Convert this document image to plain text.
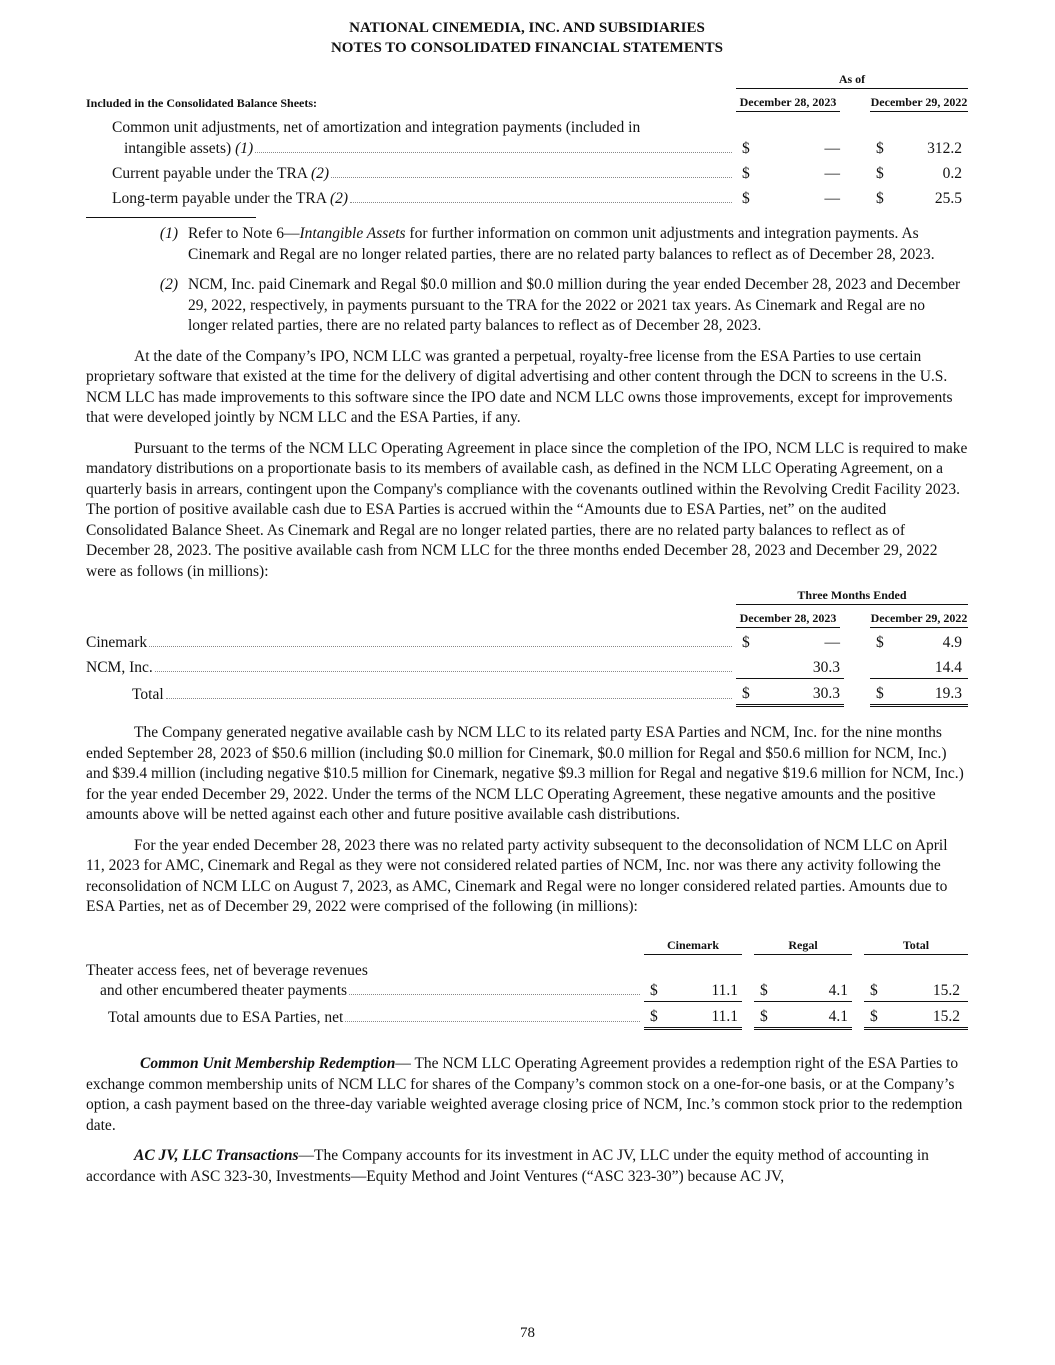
NATIONAL CINEMEDIA, INC. AND SUBSIDIARIES
NOTES TO CONSOLIDATED FINANCIAL STATEMENTS

	As of				

Included in the Consolidated Balance Sheets:	December 28, 2023			December 29, 2022	

Common unit adjustments, net of amortization and integration payments (included in
intangible assets) (1)	$	—		$	312.2

Current payable under the TRA (2)	$	—		$	0.2

Long-term payable under the TRA (2)	$	—		$	25.5
(1) Refer to Note 6—Intangible Assets for further information on common unit adjustments and integration payments. As Cinemark and Regal are no longer related parties, there are no related party balances to reflect as of December 28, 2023.
(2) NCM, Inc. paid Cinemark and Regal $0.0 million and $0.0 million during the year ended December 28, 2023 and December 29, 2022, respectively, in payments pursuant to the TRA for the 2022 or 2021 tax years. As Cinemark and Regal are no longer related parties, there are no related party balances to reflect as of December 28, 2023.

At the date of the Company’s IPO, NCM LLC was granted a perpetual, royalty-free license from the ESA Parties to use certain proprietary software that existed at the time for the delivery of digital advertising and other content through the DCN to screens in the U.S. NCM LLC has made improvements to this software since the IPO date and NCM LLC owns those improvements, except for improvements that were developed jointly by NCM LLC and the ESA Parties, if any.

Pursuant to the terms of the NCM LLC Operating Agreement in place since the completion of the IPO, NCM LLC is required to make mandatory distributions on a proportionate basis to its members of available cash, as defined in the NCM LLC Operating Agreement, on a quarterly basis in arrears, contingent upon the Company's compliance with the covenants outlined within the Revolving Credit Facility 2023. The portion of positive available cash due to ESA Parties is accrued within the “Amounts due to ESA Parties, net” on the audited Consolidated Balance Sheet. As Cinemark and Regal are no longer related parties, there are no related party balances to reflect as of December 28, 2023. The positive available cash from NCM LLC for the three months ended December 28, 2023 and December 29, 2022 were as follows (in millions):

	Three Months Ended				

	December 28, 2023			December 29, 2022	

Cinemark	$	—		$	4.9

NCM, Inc.		30.3			14.4

Total	$	30.3		$	19.3

The Company generated negative available cash by NCM LLC to its related party ESA Parties and NCM, Inc. for the nine months ended September 28, 2023 of $50.6 million (including $0.0 million for Cinemark, $0.0 million for Regal and $50.6 million for NCM, Inc.) and $39.4 million (including negative $10.5 million for Cinemark, negative $9.3 million for Regal and negative $19.6 million for NCM, Inc.) for the year ended December 29, 2022. Under the terms of the NCM LLC Operating Agreement, these negative amounts and the positive amounts above will be netted against each other and future positive available cash distributions.

For the year ended December 28, 2023 there was no related party activity subsequent to the deconsolidation of NCM LLC on April 11, 2023 for AMC, Cinemark and Regal as they were not considered related parties of NCM, Inc. nor was there any activity following the reconsolidation of NCM LLC on August 7, 2023, as AMC, Cinemark and Regal were no longer considered related parties. Amounts due to ESA Parties, net as of December 29, 2022 were comprised of the following (in millions):

	Cinemark			Regal			Total	

Theater access fees, net of beverage revenues
and other encumbered theater payments	$	11.1		$	4.1		$	15.2

Total amounts due to ESA Parties, net	$	11.1		$	4.1		$	15.2

Common Unit Membership Redemption— The NCM LLC Operating Agreement provides a redemption right of the ESA Parties to exchange common membership units of NCM LLC for shares of the Company’s common stock on a one-for-one basis, or at the Company’s option, a cash payment based on the three-day variable weighted average closing price of NCM, Inc.’s common stock prior to the redemption date.

AC JV, LLC Transactions—The Company accounts for its investment in AC JV, LLC under the equity method of accounting in accordance with ASC 323-30, Investments—Equity Method and Joint Ventures (“ASC 323-30”) because AC JV,

78
